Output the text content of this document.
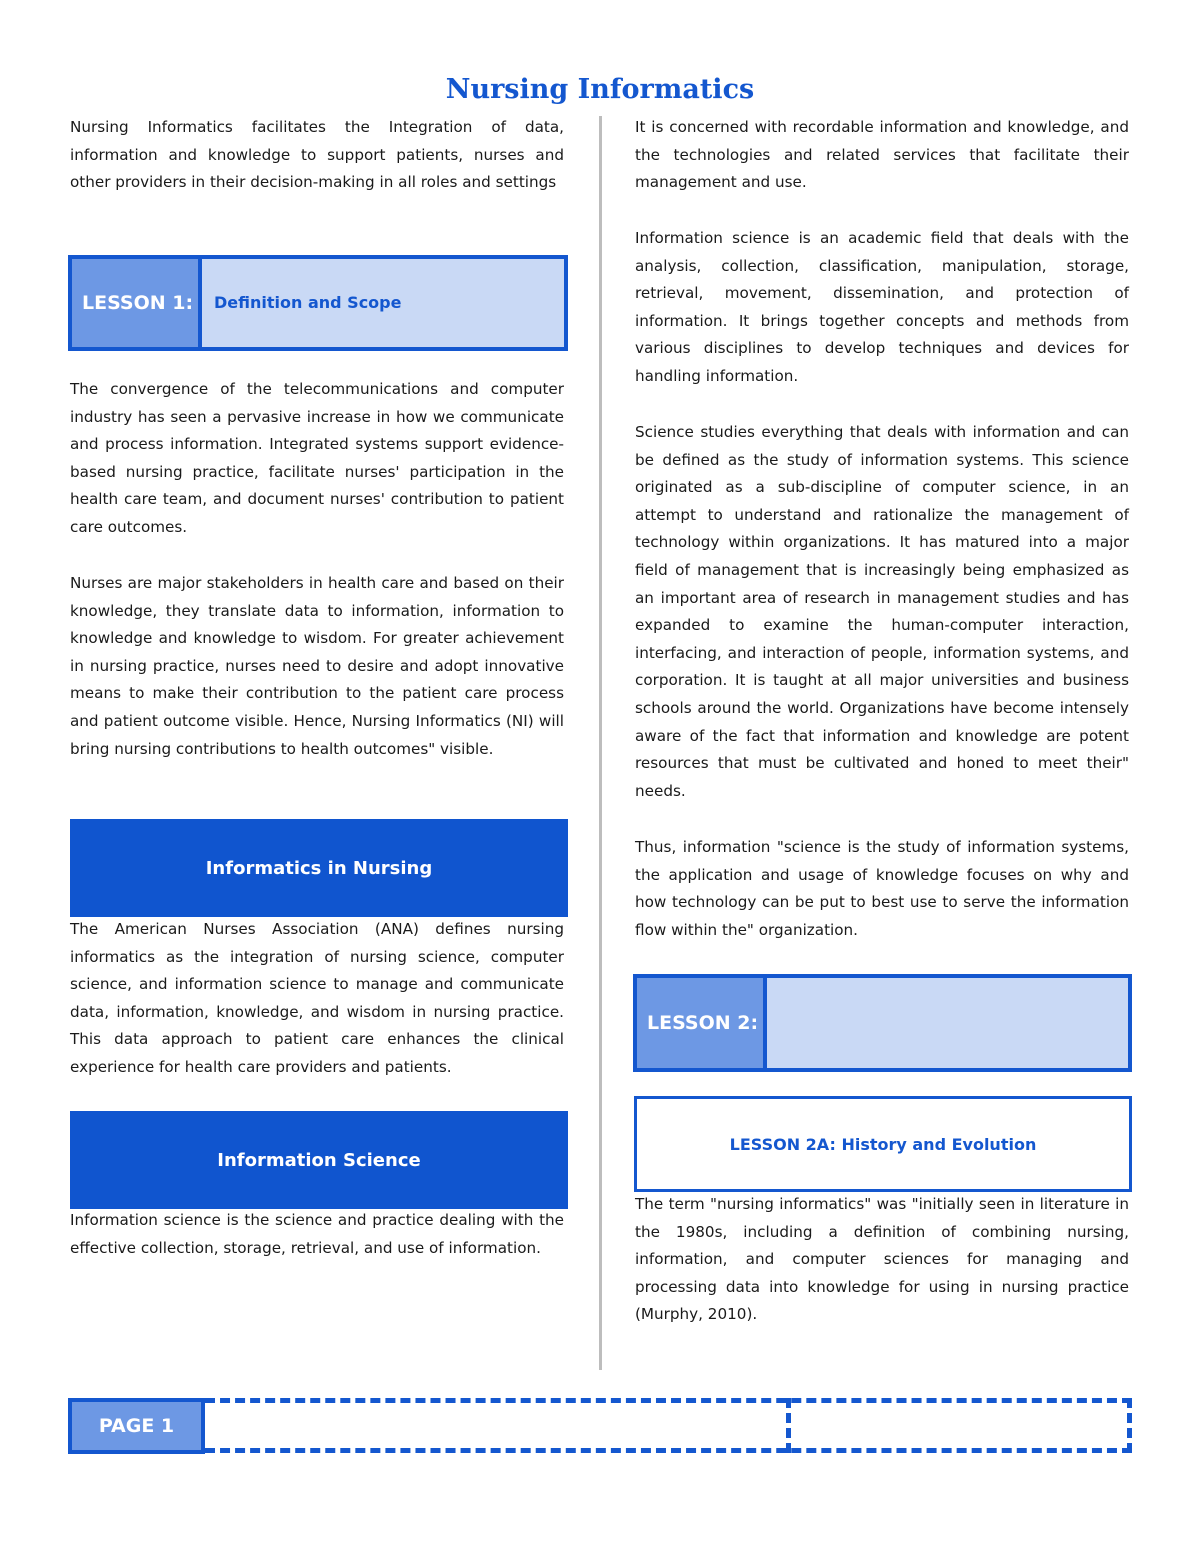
Nursing Informatics

Nursing Informatics facilitates the Integration of data, information and knowledge to support patients, nurses and other providers in their decision-making in all roles and settings

LESSON 1:	Definition and Scope

The convergence of the telecommunications and computer industry has seen a pervasive increase in how we communicate and process information. Integrated systems support evidence-based nursing practice, facilitate nurses' participation in the health care team, and document nurses' contribution to patient care outcomes.

Nurses are major stakeholders in health care and based on their knowledge, they translate data to information, information to knowledge and knowledge to wisdom. For greater achievement in nursing practice, nurses need to desire and adopt innovative means to make their contribution to the patient care process and patient outcome visible. Hence, Nursing Informatics (NI) will bring nursing contributions to health outcomes" visible.

Informatics in Nursing

The American Nurses Association (ANA) defines nursing informatics as the integration of nursing science, computer science, and information science to manage and communicate data, information, knowledge, and wisdom in nursing practice. This data approach to patient care enhances the clinical experience for health care providers and patients.

Information Science

Information science is the science and practice dealing with the effective collection, storage, retrieval, and use of information.

It is concerned with recordable information and knowledge, and the technologies and related services that facilitate their management and use.

Information science is an academic field that deals with the analysis, collection, classification, manipulation, storage, retrieval, movement, dissemination, and protection of information. It brings together concepts and methods from various disciplines to develop techniques and devices for handling information.

Science studies everything that deals with information and can be defined as the study of information systems. This science originated as a sub-discipline of computer science, in an attempt to understand and rationalize the management of technology within organizations. It has matured into a major field of management that is increasingly being emphasized as an important area of research in management studies and has expanded to examine the human-computer interaction, interfacing, and interaction of people, information systems, and corporation. It is taught at all major universities and business schools around the world. Organizations have become intensely aware of the fact that information and knowledge are potent resources that must be cultivated and honed to meet their" needs.

Thus, information "science is the study of information systems, the application and usage of knowledge focuses on why and how technology can be put to best use to serve the information flow within the" organization.

LESSON 2:
LESSON 2A: History and Evolution

The term "nursing informatics" was "initially seen in literature in the 1980s, including a definition of combining nursing, information, and computer sciences for managing and processing data into knowledge for using in nursing practice (Murphy, 2010).

PAGE 1
